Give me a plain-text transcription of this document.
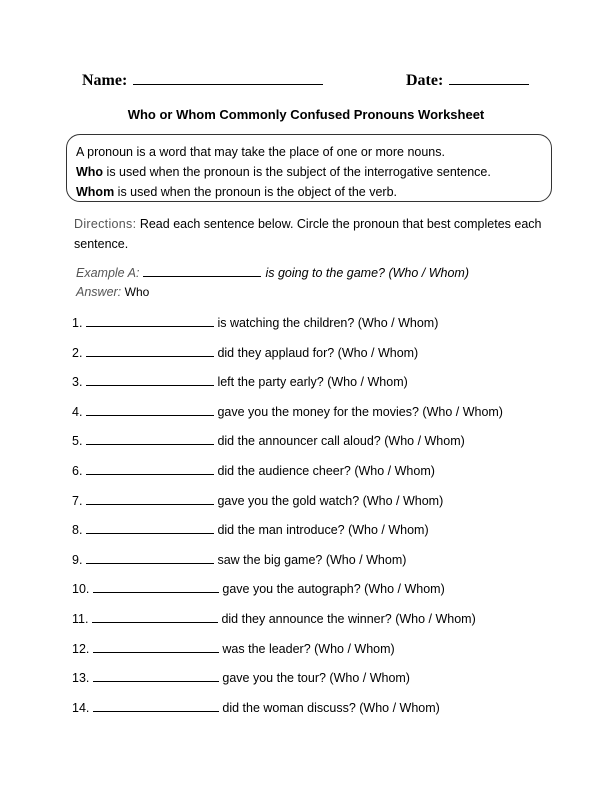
Name:	Date:
Who or Whom Commonly Confused Pronouns Worksheet
A pronoun is a word that may take the place of one or more nouns.
Who is used when the pronoun is the subject of the interrogative sentence.
Whom is used when the pronoun is the object of the verb.
Directions: Read each sentence below. Circle the pronoun that best completes each sentence.
Example A:	is going to the game? (Who / Whom)
Answer: Who
1.	is watching the children? (Who / Whom)
2.	did they applaud for? (Who / Whom)
3.	left the party early? (Who / Whom)
4.	gave you the money for the movies? (Who / Whom)
5.	did the announcer call aloud? (Who / Whom)
6.	did the audience cheer? (Who / Whom)
7.	gave you the gold watch? (Who / Whom)
8.	did the man introduce? (Who / Whom)
9.	saw the big game? (Who / Whom)
10.	gave you the autograph? (Who / Whom)
11.	did they announce the winner? (Who / Whom)
12.	was the leader? (Who / Whom)
13.	gave you the tour? (Who / Whom)
14.	did the woman discuss? (Who / Whom)
